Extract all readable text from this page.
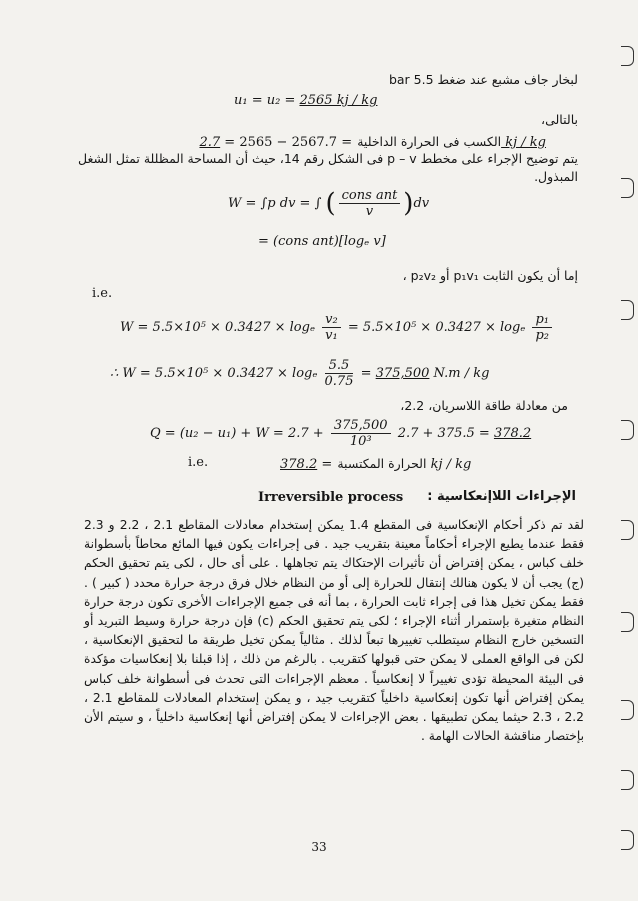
لبخار جاف مشبع عند ضغط 5.5 bar
u₁ = u₂ = 2565 kj / kg
بالتالى،
الكسب فى الحرارة الداخلية = 2567.7 − 2565 = 2.7 kj / kg
يتم توضيح الإجراء على مخطط p – v فى الشكل رقم 14، حيث أن المساحة المظللة تمثل الشغل المبذول.
W = ∫p dv = ∫ ( $\frac{\text{cons ant}}{v} )dv$
= (cons ant)[logₑ v]
إما أن يكون الثابت p₁v₁ أو p₂v₂ ،
i.e.
W = 5.5×10⁵ × 0.3427 × logₑ $\frac{\text{v₂}}{\text{v₁}} = 5.5\times 10^5 \times 0.3427 \times \log_e \frac{\text{p₁}}{\text{p₂}}$
∴ W = 5.5×10⁵ × 0.3427 × logₑ $\frac{5.5}{0.75} = 375,500$ N.m / kg
من معادلة طاقة اللاسريان، 2.2،
$Q = (u_2 - u_1) + W = 2.7 + \frac{375,500}{\text{10³}} 2.7 + 375.5 = 378.2$
i.e.	الحرارة المكتسبة = 378.2	kj / kg
Irreversible process الإجراءات اللاإنعكاسية :
لقد تم ذكر أحكام الإنعكاسية فى المقطع 1.4 يمكن إستخدام معادلات المقاطع 2.1 ، 2.2 و 2.3 فقط عندما يطيع الإجراء أحكاماً معينة بتقريب جيد . فى إجراءات يكون فيها المائع محاطاً بأسطوانة خلف كباس ، يمكن إفتراض أن تأثيرات الإحتكاك يتم تجاهلها . على أى حال ، لكى يتم تحقيق الحكم (ج) يجب أن لا يكون هنالك إنتقال للحرارة إلى أو من النظام خلال فرق درجة حرارة محدد ( كبير ) . فقط يمكن تخيل هذا فى إجراء ثابت الحرارة ، بما أنه فى جميع الإجراءات الأخرى تكون درجة حرارة النظام متغيرة بإستمرار أثناء الإجراء ؛ لكى يتم تحقيق الحكم (c) فإن درجة حرارة وسيط التبريد أو التسخين خارج النظام سيتطلب تغييرها تبعاً لذلك . مثالياً يمكن تخيل طريقة ما لتحقيق الإنعكاسية ، لكن فى الواقع العملى لا يمكن حتى قبولها كتقريب . بالرغم من ذلك ، إذا قبلنا بلا إنعكاسيات مؤكدة فى البيئة المحيطة تؤدى تغييراً لا إنعكاسياً . معظم الإجراءات التى تحدث فى أسطوانة خلف كباس يمكن إفتراض أنها تكون إنعكاسية داخلياً كتقريب جيد ، و يمكن إستخدام المعادلات للمقاطع 2.1 ، 2.2 ، 2.3 حيثما يمكن تطبيقها . بعض الإجراءات لا يمكن إفتراض أنها إنعكاسية داخلياً ، و سيتم الأن بإختصار مناقشة الحالات الهامة .
33
